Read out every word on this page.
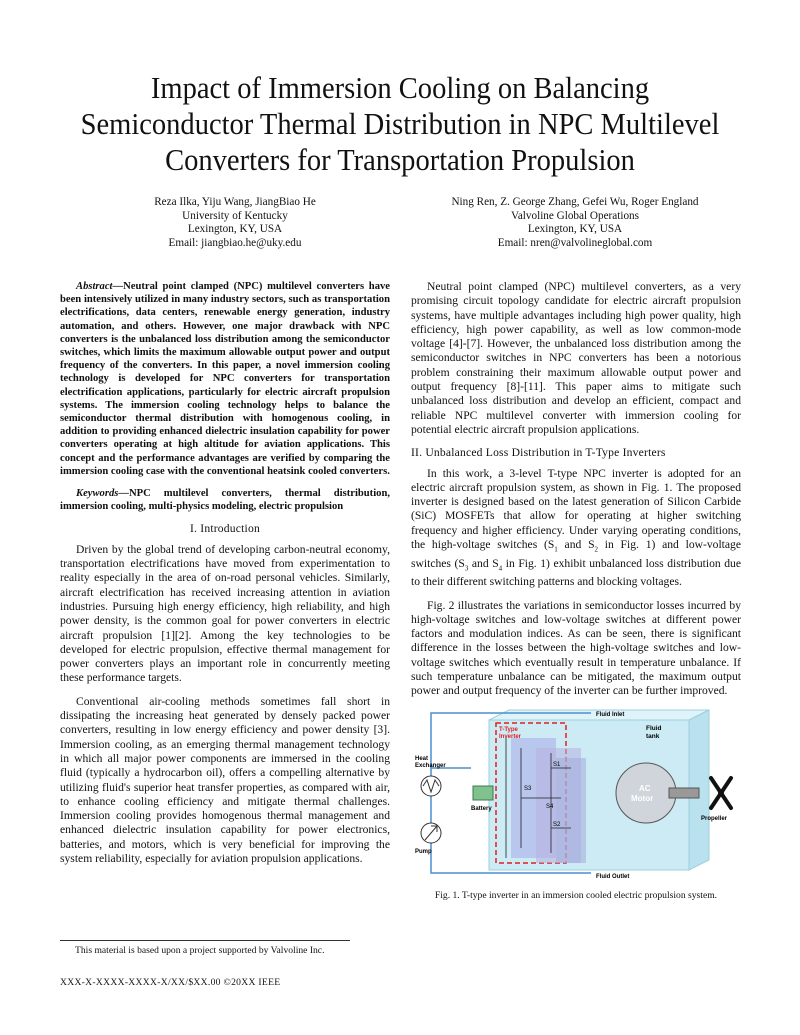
Impact of Immersion Cooling on Balancing Semiconductor Thermal Distribution in NPC Multilevel Converters for Transportation Propulsion
Reza Ilka, Yiju Wang, JiangBiao He
University of Kentucky
Lexington, KY, USA
Email: jiangbiao.he@uky.edu
Ning Ren, Z. George Zhang, Gefei Wu, Roger England
Valvoline Global Operations
Lexington, KY, USA
Email: nren@valvolineglobal.com

Abstract—Neutral point clamped (NPC) multilevel converters have been intensively utilized in many industry sectors, such as transportation electrifications, data centers, renewable energy generation, industry automation, and others. However, one major drawback with NPC converters is the unbalanced loss distribution among the semiconductor switches, which limits the maximum allowable output power and output frequency of the converters. In this paper, a novel immersion cooling technology is developed for NPC converters for transportation electrification applications, particularly for electric aircraft propulsion systems. The immersion cooling technology helps to balance the semiconductor thermal distribution with homogenous cooling, in addition to providing enhanced dielectric insulation capability for power converters operating at high altitude for aviation applications. This concept and the performance advantages are verified by comparing the immersion cooling case with the conventional heatsink cooled converters.

Keywords—NPC multilevel converters, thermal distribution, immersion cooling, multi-physics modeling, electric propulsion

I. Introduction

Driven by the global trend of developing carbon-neutral economy, transportation electrifications have moved from experimentation to reality especially in the area of on-road personal vehicles. Similarly, aircraft electrification has received increasing attention in aviation industries. Pursuing high energy efficiency, high reliability, and high power density, is the common goal for power converters in electric aircraft propulsion [1][2]. Among the key technologies to be developed for electric propulsion, effective thermal management for power converters plays an important role in concurrently meeting these performance targets.

Conventional air-cooling methods sometimes fall short in dissipating the increasing heat generated by densely packed power converters, resulting in low energy efficiency and power density [3]. Immersion cooling, as an emerging thermal management technology in which all major power components are immersed in the cooling fluid (typically a hydrocarbon oil), offers a compelling alternative by utilizing fluid's superior heat transfer properties, as compared with air, to enhance cooling efficiency and mitigate thermal challenges. Immersion cooling provides homogenous thermal management and enhanced dielectric insulation capability for power electronics, batteries, and motors, which is very beneficial for improving the system reliability, especially for aviation propulsion applications.

Neutral point clamped (NPC) multilevel converters, as a very promising circuit topology candidate for electric aircraft propulsion systems, have multiple advantages including high power quality, high efficiency, high power capability, as well as low common-mode voltage [4]-[7]. However, the unbalanced loss distribution among the semiconductor switches in NPC converters has been a notorious problem constraining their maximum allowable output power and output frequency [8]-[11]. This paper aims to mitigate such unbalanced loss distribution and develop an efficient, compact and reliable NPC multilevel converter with immersion cooling for potential electric aircraft propulsion applications.

II. Unbalanced Loss Distribution in T-Type Inverters

In this work, a 3-level T-type NPC inverter is adopted for an electric aircraft propulsion system, as shown in Fig. 1. The proposed inverter is designed based on the latest generation of Silicon Carbide (SiC) MOSFETs that allow for operating at higher switching frequency and higher efficiency. Under varying operating conditions, the high-voltage switches ($S_1$ and $S_2$ in Fig. 1) and low-voltage switches ($S_3$ and $S_4$ in Fig. 1) exhibit unbalanced loss distribution due to their different switching patterns and blocking voltages.

Fig. 2 illustrates the variations in semiconductor losses incurred by high-voltage switches and low-voltage switches at different power factors and modulation indices. As can be seen, there is significant difference in the losses between the high-voltage switches and low-voltage switches which eventually result in temperature unbalance. If such temperature unbalance can be mitigated, the maximum output power and output frequency of the inverter can be further improved.

Fluid Inlet
Fluid Outlet
Fluid
tank
T-Type
Inverter
Heat
Exchanger
Battery
Pump
AC
Motor
Propeller
S1
S2
S3
S4
Fig. 1. T-type inverter in an immersion cooled electric propulsion system.
This material is based upon a project supported by Valvoline Inc.
XXX-X-XXXX-XXXX-X/XX/$XX.00 ©20XX IEEE
